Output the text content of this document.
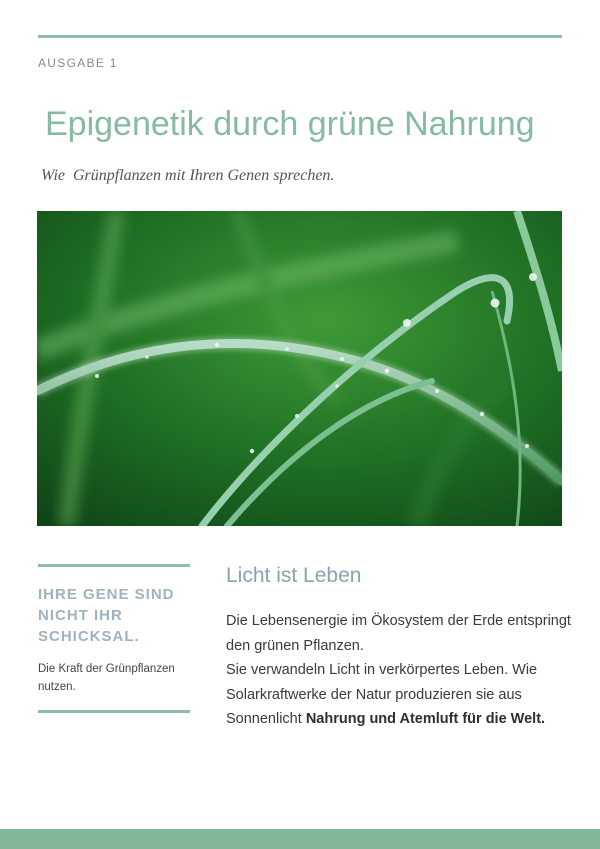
AUSGABE 1
Epigenetik durch grüne Nahrung
Wie  Grünpflanzen mit Ihren Genen sprechen.
IHRE GENE SIND NICHT IHR SCHICKSAL.
Die Kraft der Grünpflanzen nutzen.
Licht ist Leben

Die Lebensenergie im Ökosystem der Erde entspringt den grünen Pflanzen.

Sie verwandeln Licht in verkörpertes Leben. Wie Solarkraftwerke der Natur produzieren sie aus Sonnenlicht Nahrung und Atemluft für die Welt.
